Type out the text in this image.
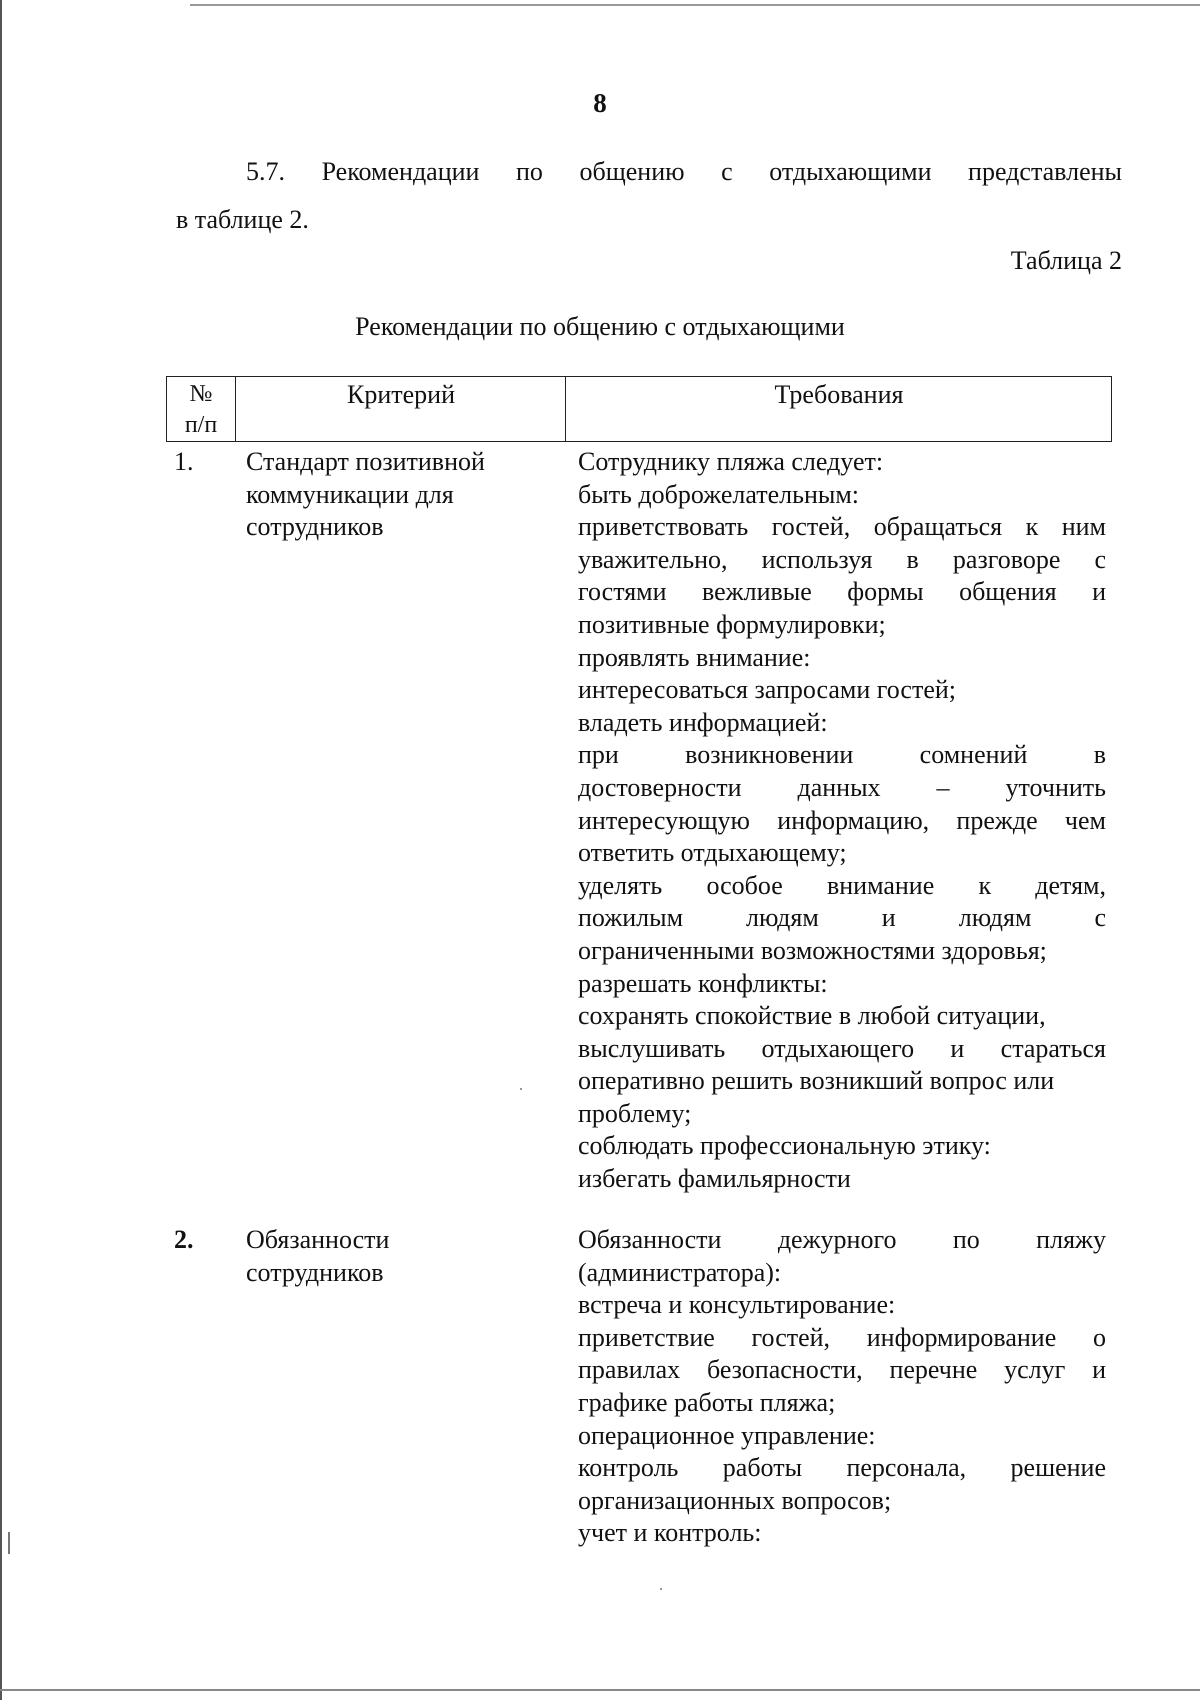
8
5.7. Рекомендации по общению с отдыхающими представлены
в таблице 2.
Таблица 2
Рекомендации по общению с отдыхающими
№
п/п
Критерий	Требования
1. Стандарт позитивной
коммуникации для
сотрудников
Сотруднику пляжа следует:
быть доброжелательным:
приветствовать гостей, обращаться к ним
уважительно, используя в разговоре с
гостями вежливые формы общения и
позитивные формулировки;
проявлять внимание:
интересоваться запросами гостей;
владеть информацией:
при возникновении сомнений в
достоверности данных – уточнить
интересующую информацию, прежде чем
ответить отдыхающему;
уделять особое внимание к детям,
пожилым людям и людям с
ограниченными возможностями здоровья;
разрешать конфликты:
сохранять спокойствие в любой ситуации,
выслушивать отдыхающего и стараться
оперативно решить возникший вопрос или
проблему;
соблюдать профессиональную этику:
избегать фамильярности
2. Обязанности
сотрудников
Обязанности дежурного по пляжу
(администратора):
встреча и консультирование:
приветствие гостей, информирование о
правилах безопасности, перечне услуг и
графике работы пляжа;
операционное управление:
контроль работы персонала, решение
организационных вопросов;
учет и контроль:
